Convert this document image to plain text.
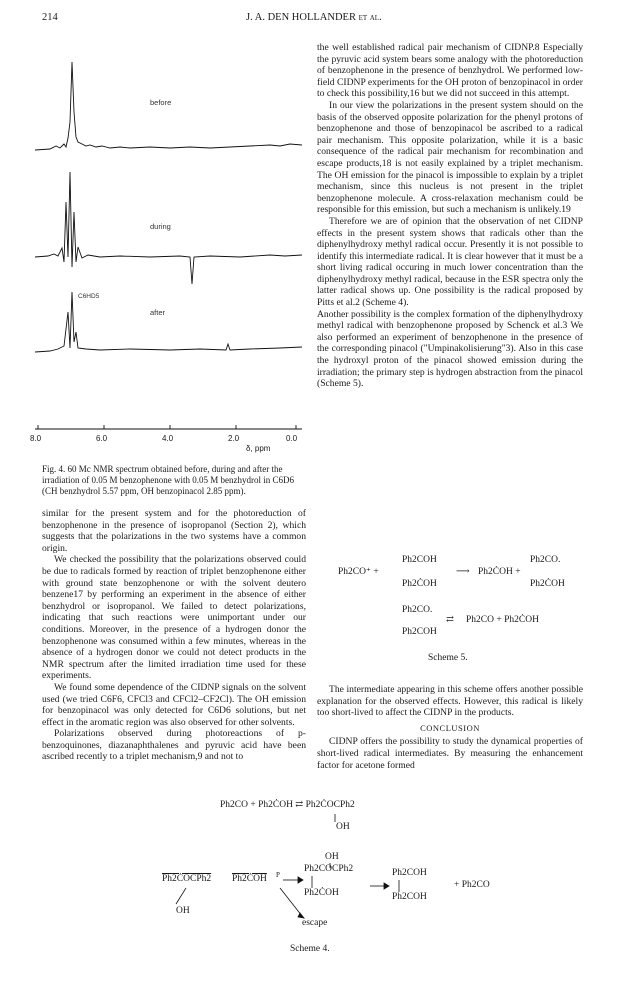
214	J. A. DEN HOLLANDER et al.
before
during
after
C6HD5
8.0	6.0	4.0	2.0	0.0
δ, ppm
Fig. 4. 60 Mc NMR spectrum obtained before, during and after the irradiation of 0.05 M benzophenone with 0.05 M benzhydrol in C6D6 (CH benzhydrol 5.57 ppm, OH benzopinacol 2.85 ppm).

similar for the present system and for the photoreduction of benzophenone in the presence of isopropanol (Section 2), which suggests that the polarizations in the two systems have a common origin.

We checked the possibility that the polarizations observed could be due to radicals formed by reaction of triplet benzophenone either with ground state benzophenone or with the solvent deutero benzene17 by performing an experiment in the absence of either benzhydrol or isopropanol. We failed to detect polarizations, indicating that such reactions were unimportant under our conditions. Moreover, in the presence of a hydrogen donor the benzophenone was consumed within a few minutes, whereas in the absence of a hydrogen donor we could not detect products in the NMR spectrum after the limited irradiation time used for these experiments.

We found some dependence of the CIDNP signals on the solvent used (we tried C6F6, CFCl3 and CFCl2–CF2Cl). The OH emission for benzopinacol was only detected for C6D6 solutions, but net effect in the aromatic region was also observed for other solvents.

Polarizations observed during photoreactions of p-benzoquinones, diazanaphthalenes and pyruvic acid have been ascribed recently to a triplet mechanism,9 and not to

the well established radical pair mechanism of CIDNP.8 Especially the pyruvic acid system bears some analogy with the photoreduction of benzophenone in the presence of benzhydrol. We performed low-field CIDNP experiments for the OH proton of benzopinacol in order to check this possibility,16 but we did not succeed in this attempt.

In our view the polarizations in the present system should on the basis of the observed opposite polarization for the phenyl protons of benzophenone and those of benzopinacol be ascribed to a radical pair mechanism. This opposite polarization, while it is a basic consequence of the radical pair mechanism for recombination and escape products,18 is not easily explained by a triplet mechanism. The OH emission for the pinacol is impossible to explain by a triplet mechanism, since this nucleus is not present in the triplet benzophenone molecule. A cross-relaxation mechanism could be responsible for this emission, but such a mechanism is unlikely.19

Therefore we are of opinion that the observation of net CIDNP effects in the present system shows that radicals other than the diphenylhydroxy methyl radical occur. Presently it is not possible to identify this intermediate radical. It is clear however that it must be a short living radical occuring in much lower concentration than the diphenylhydroxy methyl radical, because in the ESR spectra only the latter radical shows up. One possibility is the radical proposed by Pitts et al.2 (Scheme 4).

Another possibility is the complex formation of the diphenylhydroxy methyl radical with benzophenone proposed by Schenck et al.3 We also performed an experiment of benzophenone in the presence of the corresponding pinacol ("Umpinakolisierung"3). Also in this case the hydroxyl proton of the pinacol showed emission during the irradiation; the primary step is hydrogen abstraction from the pinacol (Scheme 5).

Ph2CO⁺ +
Ph2COH
Ph2ĊOH
⟶ Ph2ĊOH +
Ph2CO.
Ph2ĊOH
Ph2CO.
Ph2COH
⇄ Ph2CO + Ph2ĊOH
Scheme 5.

The intermediate appearing in this scheme offers another possible explanation for the observed effects. However, this radical is likely too short-lived to affect the CIDNP in the products.

CONCLUSION

CIDNP offers the possibility to study the dynamical properties of short-lived radical intermediates. By measuring the enhancement factor for acetone formed

Ph2CO + Ph2ĊOH ⇄ Ph2ĊOCPh2
OH
OH
Ph2ĊOCPh2 Ph2ĊOH P
Ph2COCPh2
Ph2ĊOH
Ph2COH
Ph2COH
+ Ph2CO
OH
escape
Scheme 4.
